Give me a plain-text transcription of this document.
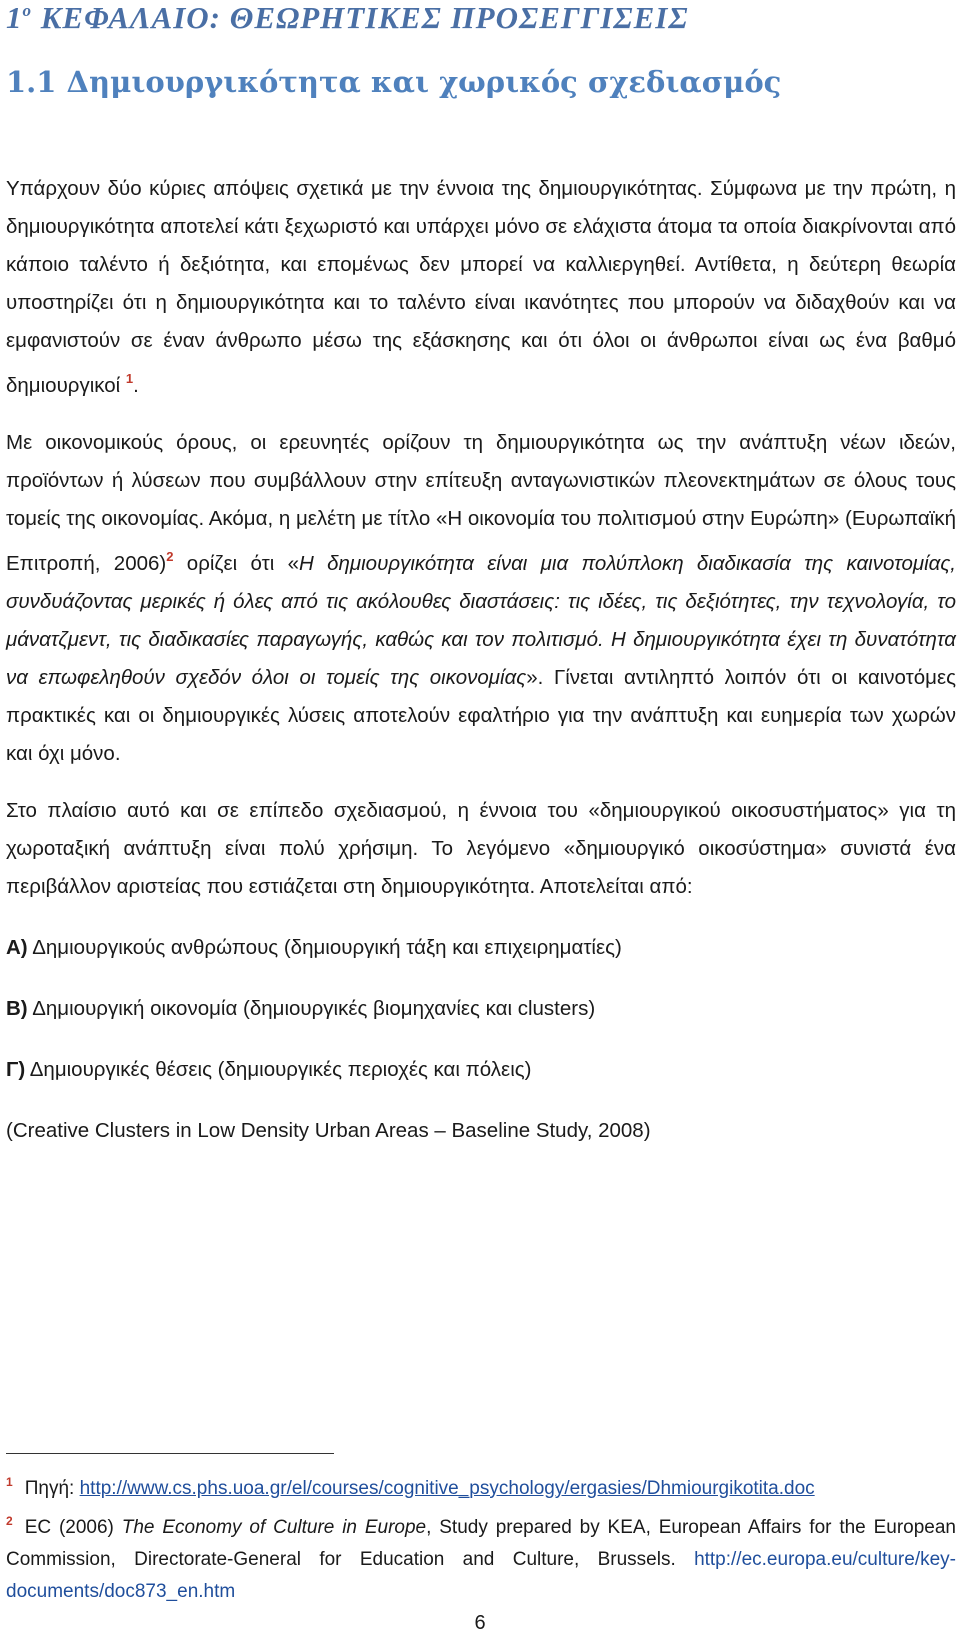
$1^o$ ΚΕΦΑΛΑΙΟ: ΘΕΩΡΗΤΙΚΕΣ ΠΡΟΣΕΓΓΙΣΕΙΣ
1.1 Δημιουργικότητα και χωρικός σχεδιασμός

Υπάρχουν δύο κύριες απόψεις σχετικά με την έννοια της δημιουργικότητας. Σύμφωνα με την πρώτη, η δημιουργικότητα αποτελεί κάτι ξεχωριστό και υπάρχει μόνο σε ελάχιστα άτομα τα οποία διακρίνονται από κάποιο ταλέντο ή δεξιότητα, και επομένως δεν μπορεί να καλλιεργηθεί. Αντίθετα, η δεύτερη θεωρία υποστηρίζει ότι η δημιουργικότητα και το ταλέντο είναι ικανότητες που μπορούν να διδαχθούν και να εμφανιστούν σε έναν άνθρωπο μέσω της εξάσκησης και ότι όλοι οι άνθρωποι είναι ως ένα βαθμό δημιουργικοί $^1$.

Με οικονομικούς όρους, οι ερευνητές ορίζουν τη δημιουργικότητα ως την ανάπτυξη νέων ιδεών, προϊόντων ή λύσεων που συμβάλλουν στην επίτευξη ανταγωνιστικών πλεονεκτημάτων σε όλους τους τομείς της οικονομίας. Ακόμα, η μελέτη με τίτλο «Η οικονομία του πολιτισμού στην Ευρώπη» (Ευρωπαϊκή Επιτροπή, 2006)$^2$ ορίζει ότι «Η δημιουργικότητα είναι μια πολύπλοκη διαδικασία της καινοτομίας, συνδυάζοντας μερικές ή όλες από τις ακόλουθες διαστάσεις: τις ιδέες, τις δεξιότητες, την τεχνολογία, το μάνατζμεντ, τις διαδικασίες παραγωγής, καθώς και τον πολιτισμό. Η δημιουργικότητα έχει τη δυνατότητα να επωφεληθούν σχεδόν όλοι οι τομείς της οικονομίας». Γίνεται αντιληπτό λοιπόν ότι οι καινοτόμες πρακτικές και οι δημιουργικές λύσεις αποτελούν εφαλτήριο για την ανάπτυξη και ευημερία των χωρών και όχι μόνο.

Στο πλαίσιο αυτό και σε επίπεδο σχεδιασμού, η έννοια του «δημιουργικού οικοσυστήματος» για τη χωροταξική ανάπτυξη είναι πολύ χρήσιμη. Το λεγόμενο «δημιουργικό οικοσύστημα» συνιστά ένα περιβάλλον αριστείας που εστιάζεται στη δημιουργικότητα. Αποτελείται από:

Α) Δημιουργικούς ανθρώπους (δημιουργική τάξη και επιχειρηματίες)

Β) Δημιουργική οικονομία (δημιουργικές βιομηχανίες και clusters)

Γ) Δημιουργικές θέσεις (δημιουργικές περιοχές και πόλεις)

(Creative Clusters in Low Density Urban Areas – Baseline Study, 2008)

$^1$ Πηγή: http://www.cs.phs.uoa.gr/el/courses/cognitive_psychology/ergasies/Dhmiourgikotita.doc

$^2$ EC (2006) The Economy of Culture in Europe, Study prepared by KEA, European Affairs for the European Commission, Directorate-General for Education and Culture, Brussels. http://ec.europa.eu/culture/key-documents/doc873_en.htm

6
